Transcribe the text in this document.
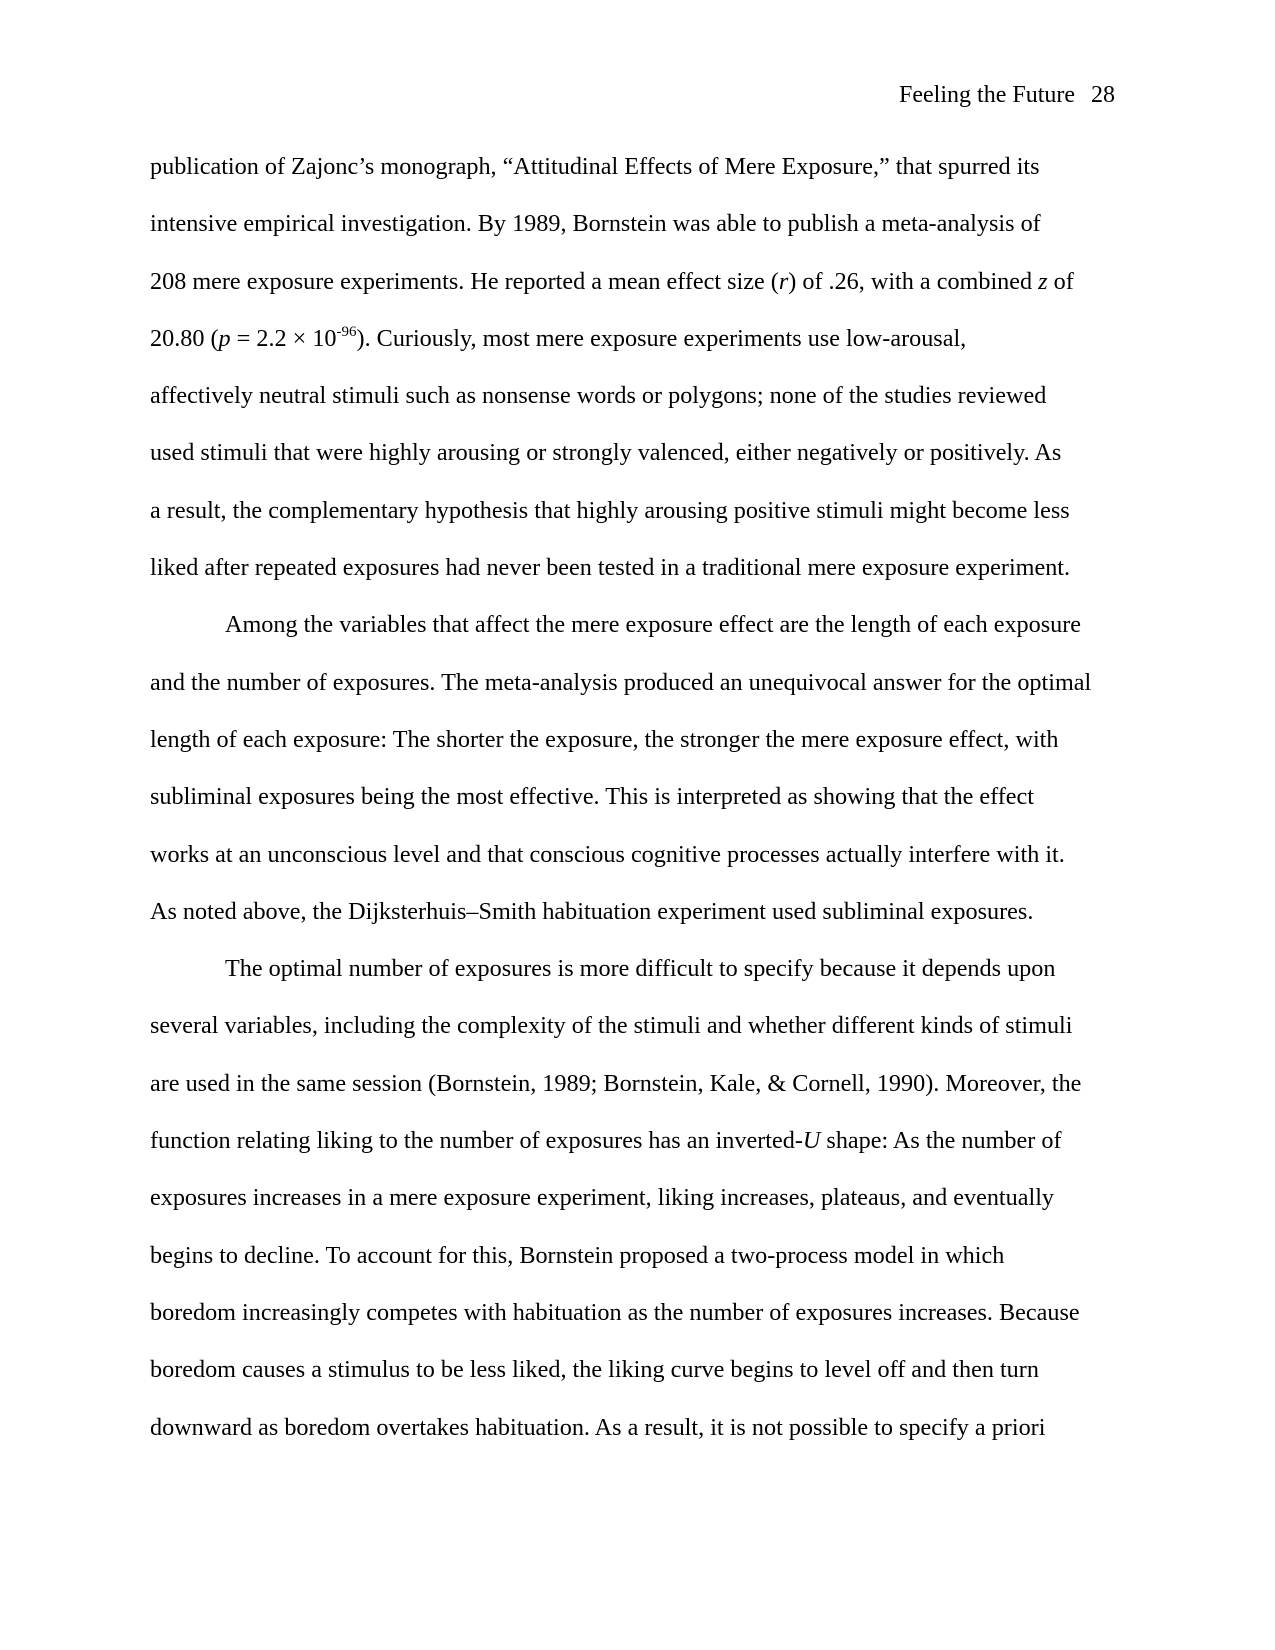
Feeling the Future 28
publication of Zajonc’s monograph, “Attitudinal Effects of Mere Exposure,” that spurred its
intensive empirical investigation. By 1989, Bornstein was able to publish a meta-analysis of
208 mere exposure experiments. He reported a mean effect size (r) of .26, with a combined z of
20.80 $(p = 2.2 \times 10^{-96})$. Curiously, most mere exposure experiments use low-arousal,
affectively neutral stimuli such as nonsense words or polygons; none of the studies reviewed
used stimuli that were highly arousing or strongly valenced, either negatively or positively. As
a result, the complementary hypothesis that highly arousing positive stimuli might become less
liked after repeated exposures had never been tested in a traditional mere exposure experiment.
Among the variables that affect the mere exposure effect are the length of each exposure
and the number of exposures. The meta-analysis produced an unequivocal answer for the optimal
length of each exposure: The shorter the exposure, the stronger the mere exposure effect, with
subliminal exposures being the most effective. This is interpreted as showing that the effect
works at an unconscious level and that conscious cognitive processes actually interfere with it.
As noted above, the Dijksterhuis–Smith habituation experiment used subliminal exposures.
The optimal number of exposures is more difficult to specify because it depends upon
several variables, including the complexity of the stimuli and whether different kinds of stimuli
are used in the same session (Bornstein, 1989; Bornstein, Kale, & Cornell, 1990). Moreover, the
function relating liking to the number of exposures has an inverted-U shape: As the number of
exposures increases in a mere exposure experiment, liking increases, plateaus, and eventually
begins to decline. To account for this, Bornstein proposed a two-process model in which
boredom increasingly competes with habituation as the number of exposures increases. Because
boredom causes a stimulus to be less liked, the liking curve begins to level off and then turn
downward as boredom overtakes habituation. As a result, it is not possible to specify a priori
